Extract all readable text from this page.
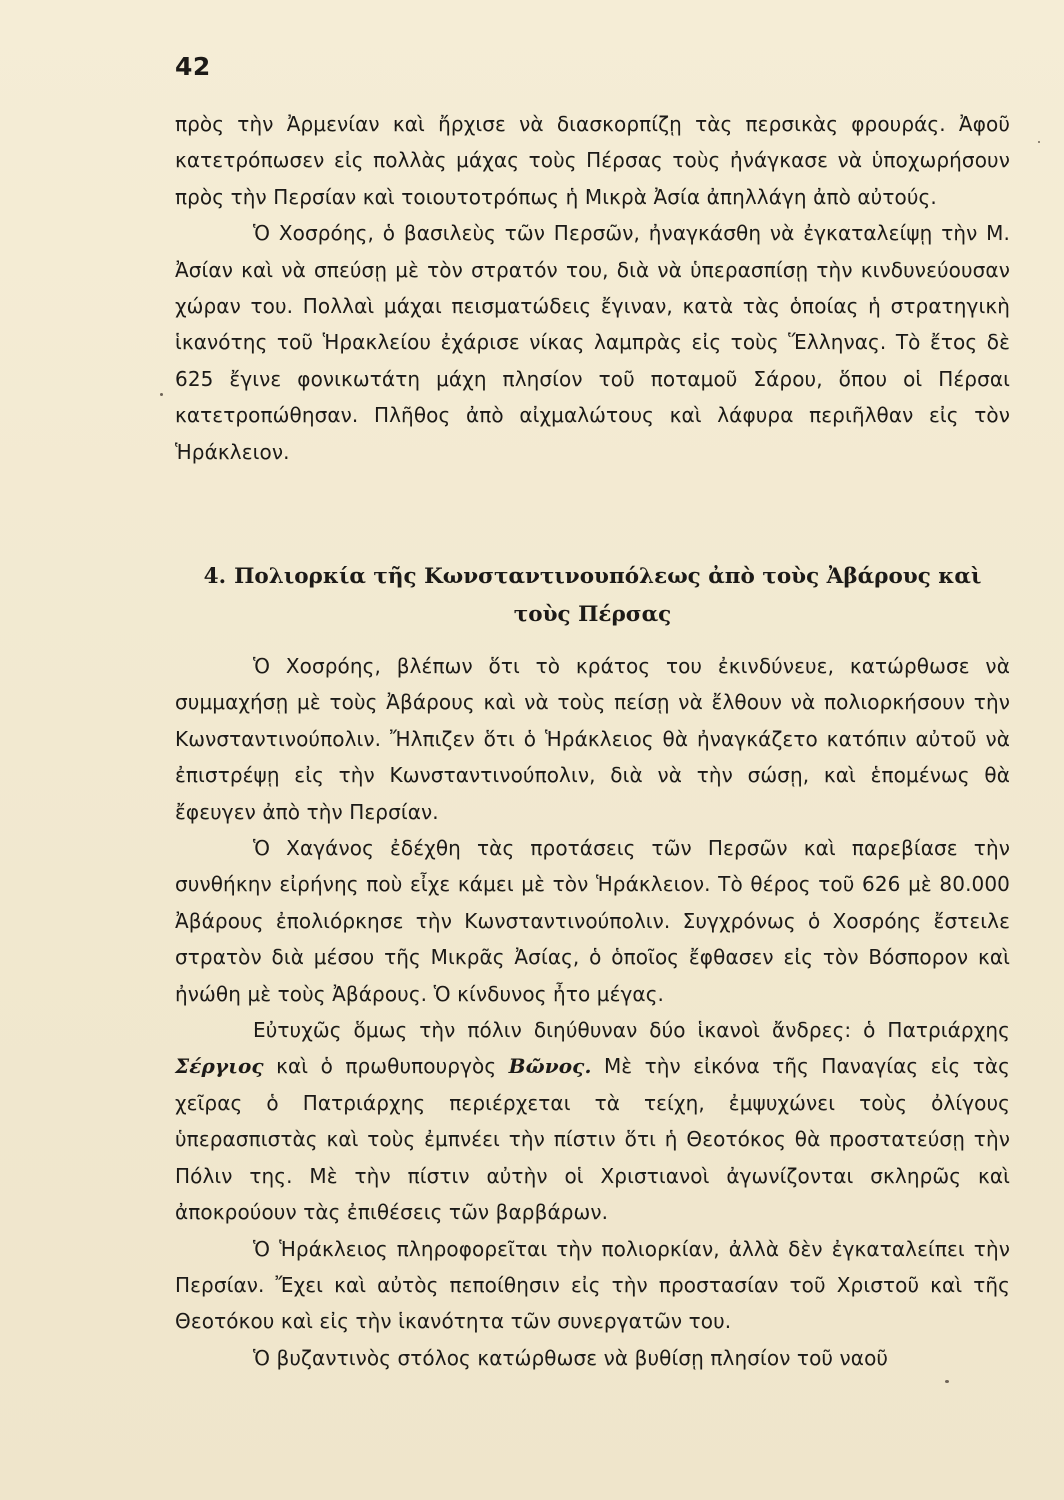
42

πρὸς τὴν Ἀρμενίαν καὶ ἤρχισε νὰ διασκορπίζῃ τὰς περσικὰς φρουράς. Ἀφοῦ κατετρόπωσεν εἰς πολλὰς μάχας τοὺς Πέρσας τοὺς ἠνάγκασε νὰ ὑποχωρήσουν πρὸς τὴν Περσίαν καὶ τοιουτοτρόπως ἡ Μικρὰ Ἀσία ἀπηλλάγη ἀπὸ αὐτούς.

Ὁ Χοσρόης, ὁ βασιλεὺς τῶν Περσῶν, ἠναγκάσθη νὰ ἐγκαταλείψῃ τὴν Μ. Ἀσίαν καὶ νὰ σπεύσῃ μὲ τὸν στρατόν του, διὰ νὰ ὑπερασπίσῃ τὴν κινδυνεύουσαν χώραν του. Πολλαὶ μάχαι πεισματώδεις ἔγιναν, κατὰ τὰς ὁποίας ἡ στρατηγικὴ ἱκανότης τοῦ Ἡρακλείου ἐχάρισε νίκας λαμπρὰς εἰς τοὺς Ἕλληνας. Τὸ ἔτος δὲ 625 ἔγινε φονικωτάτη μάχη πλησίον τοῦ ποταμοῦ Σάρου, ὅπου οἱ Πέρσαι κατετροπώθησαν. Πλῆθος ἀπὸ αἰχμαλώτους καὶ λάφυρα περιῆλθαν εἰς τὸν Ἡράκλειον.

4. Πολιορκία τῆς Κωνσταντινουπόλεως ἀπὸ τοὺς Ἀβάρους καὶ τοὺς Πέρσας

Ὁ Χοσρόης, βλέπων ὅτι τὸ κράτος του ἐκινδύνευε, κατώρθωσε νὰ συμμαχήσῃ μὲ τοὺς Ἀβάρους καὶ νὰ τοὺς πείσῃ νὰ ἔλθουν νὰ πολιορκήσουν τὴν Κωνσταντινούπολιν. Ἤλπιζεν ὅτι ὁ Ἡράκλειος θὰ ἠναγκάζετο κατόπιν αὐτοῦ νὰ ἐπιστρέψῃ εἰς τὴν Κωνσταντινούπολιν, διὰ νὰ τὴν σώσῃ, καὶ ἑπομένως θὰ ἔφευγεν ἀπὸ τὴν Περσίαν.

Ὁ Χαγάνος ἐδέχθη τὰς προτάσεις τῶν Περσῶν καὶ παρεβίασε τὴν συνθήκην εἰρήνης ποὺ εἶχε κάμει μὲ τὸν Ἡράκλειον. Τὸ θέρος τοῦ 626 μὲ 80.000 Ἀβάρους ἐπολιόρκησε τὴν Κωνσταντινούπολιν. Συγχρόνως ὁ Χοσρόης ἔστειλε στρατὸν διὰ μέσου τῆς Μικρᾶς Ἀσίας, ὁ ὁποῖος ἔφθασεν εἰς τὸν Βόσπορον καὶ ἠνώθη μὲ τοὺς Ἀβάρους. Ὁ κίνδυνος ἦτο μέγας.

Εὐτυχῶς ὅμως τὴν πόλιν διηύθυναν δύο ἱκανοὶ ἄνδρες: ὁ Πατριάρχης Σέργιος καὶ ὁ πρωθυπουργὸς Βῶνος. Μὲ τὴν εἰκόνα τῆς Παναγίας εἰς τὰς χεῖρας ὁ Πατριάρχης περιέρχεται τὰ τείχη, ἐμψυχώνει τοὺς ὀλίγους ὑπερασπιστὰς καὶ τοὺς ἐμπνέει τὴν πίστιν ὅτι ἡ Θεοτόκος θὰ προστατεύσῃ τὴν Πόλιν της. Μὲ τὴν πίστιν αὐτὴν οἱ Χριστιανοὶ ἀγωνίζονται σκληρῶς καὶ ἀποκρούουν τὰς ἐπιθέσεις τῶν βαρβάρων.

Ὁ Ἡράκλειος πληροφορεῖται τὴν πολιορκίαν, ἀλλὰ δὲν ἐγκαταλείπει τὴν Περσίαν. Ἔχει καὶ αὐτὸς πεποίθησιν εἰς τὴν προστασίαν τοῦ Χριστοῦ καὶ τῆς Θεοτόκου καὶ εἰς τὴν ἱκανότητα τῶν συνεργατῶν του.

Ὁ βυζαντινὸς στόλος κατώρθωσε νὰ βυθίσῃ πλησίον τοῦ ναοῦ
